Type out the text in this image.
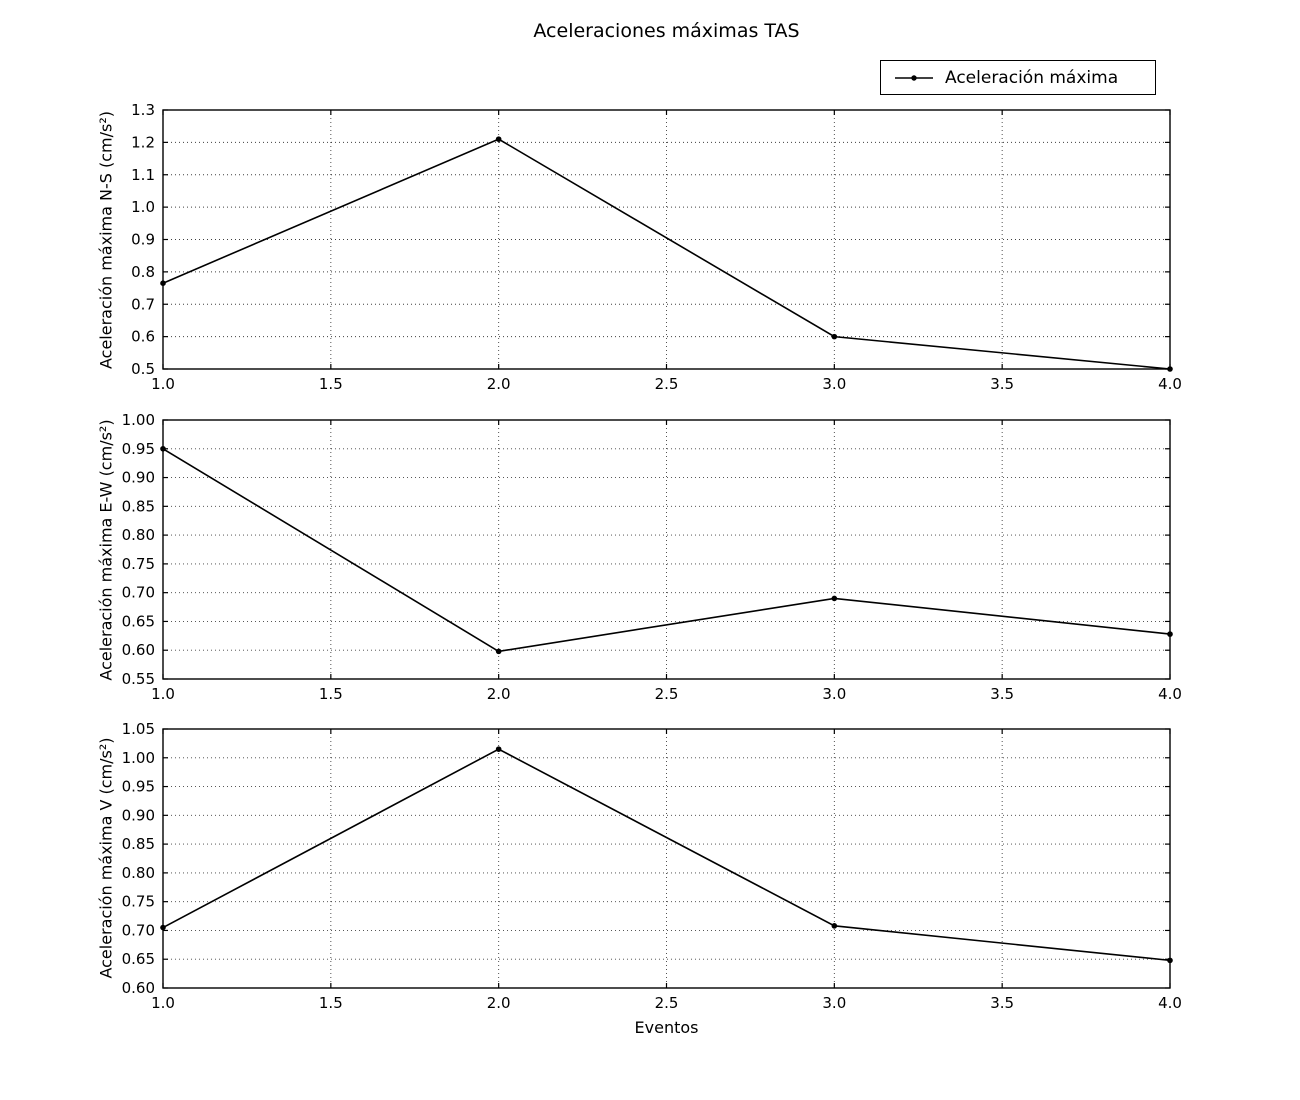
Aceleraciones máximas TAS
Aceleración máxima
0.5
0.6
0.7
0.8
0.9
1.0
1.1
1.2
1.3
1.0	1.5	2.0	2.5	3.0	3.5	4.0
0.55
0.60
0.65
0.70
0.75
0.80
0.85
0.90
0.95
1.00
1.0	1.5	2.0	2.5	3.0	3.5	4.0
0.60
0.65
0.70
0.75
0.80
0.85
0.90
0.95
1.00
1.05
1.0	1.5	2.0	2.5	3.0	3.5	4.0
Aceleración máxima N-S (cm/s²)
Aceleración máxima E-W (cm/s²)
Aceleración máxima V (cm/s²)
Eventos
